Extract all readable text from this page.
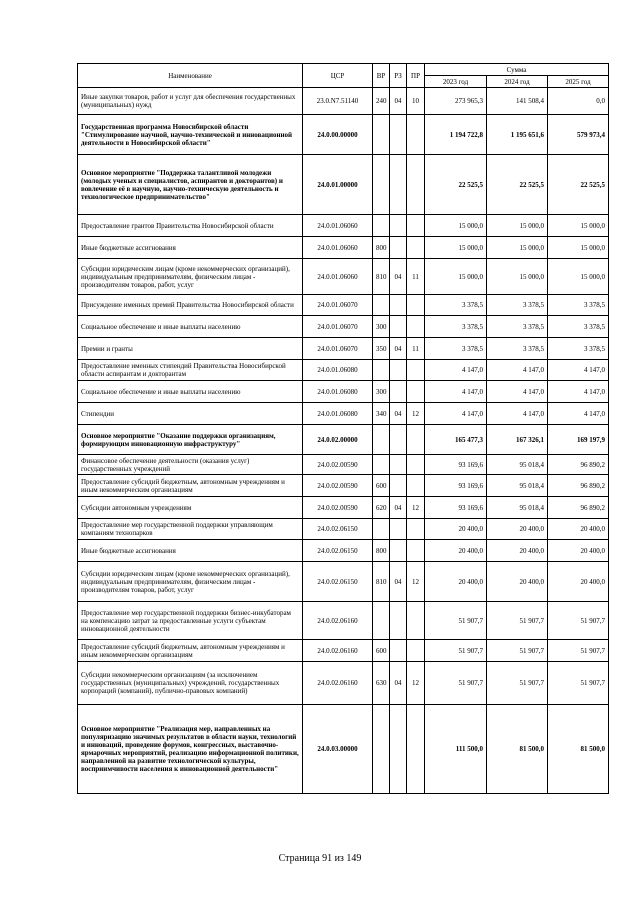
Наименование	ЦСР	ВР	РЗ	ПР	Сумма		
					2023 год	2024 год	2025 год
Иные закупки товаров, работ и услуг для обеспечения государственных (муниципальных) нужд	23.0.N7.51140	240	04	10	273 965,3	141 508,4	0,0
Государственная программа Новосибирской области "Стимулирование научной, научно-технической и инновационной деятельности в Новосибирской области"	24.0.00.00000				1 194 722,8	1 195 651,6	579 973,4
Основное мероприятие "Поддержка талантливой молодежи (молодых ученых и специалистов, аспирантов и докторантов) и вовлечение её в научную, научно-техническую деятельность и технологическое предпринимательство"	24.0.01.00000				22 525,5	22 525,5	22 525,5
Предоставление грантов Правительства Новосибирской области	24.0.01.06060				15 000,0	15 000,0	15 000,0
Иные бюджетные ассигнования	24.0.01.06060	800			15 000,0	15 000,0	15 000,0
Субсидии юридическим лицам (кроме некоммерческих организаций), индивидуальным предпринимателям, физическим лицам - производителям товаров, работ, услуг	24.0.01.06060	810	04	11	15 000,0	15 000,0	15 000,0
Присуждение именных премий Правительства Новосибирской области	24.0.01.06070				3 378,5	3 378,5	3 378,5
Социальное обеспечение и иные выплаты населению	24.0.01.06070	300			3 378,5	3 378,5	3 378,5
Премии и гранты	24.0.01.06070	350	04	11	3 378,5	3 378,5	3 378,5
Предоставление именных стипендий Правительства Новосибирской области аспирантам и докторантам	24.0.01.06080				4 147,0	4 147,0	4 147,0
Социальное обеспечение и иные выплаты населению	24.0.01.06080	300			4 147,0	4 147,0	4 147,0
Стипендии	24.0.01.06080	340	04	12	4 147,0	4 147,0	4 147,0
Основное мероприятие "Оказание поддержки организациям, формирующим инновационную инфраструктуру"	24.0.02.00000				165 477,3	167 326,1	169 197,9
Финансовое обеспечение деятельности (оказания услуг) государственных учреждений	24.0.02.00590				93 169,6	95 018,4	96 890,2
Предоставление субсидий бюджетным, автономным учреждениям и иным некоммерческим организациям	24.0.02.00590	600			93 169,6	95 018,4	96 890,2
Субсидии автономным учреждениям	24.0.02.00590	620	04	12	93 169,6	95 018,4	96 890,2
Предоставление мер государственной поддержки управляющим компаниям технопарков	24.0.02.06150				20 400,0	20 400,0	20 400,0
Иные бюджетные ассигнования	24.0.02.06150	800			20 400,0	20 400,0	20 400,0
Субсидии юридическим лицам (кроме некоммерческих организаций), индивидуальным предпринимателям, физическим лицам - производителям товаров, работ, услуг	24.0.02.06150	810	04	12	20 400,0	20 400,0	20 400,0
Предоставление мер государственной поддержки бизнес-инкубаторам на компенсацию затрат за предоставленные услуги субъектам инновационной деятельности	24.0.02.06160				51 907,7	51 907,7	51 907,7
Предоставление субсидий бюджетным, автономным учреждениям и иным некоммерческим организациям	24.0.02.06160	600			51 907,7	51 907,7	51 907,7
Субсидии некоммерческим организациям (за исключением государственных (муниципальных) учреждений, государственных корпораций (компаний), публично-правовых компаний)	24.0.02.06160	630	04	12	51 907,7	51 907,7	51 907,7
Основное мероприятие "Реализация мер, направленных на популяризацию значимых результатов в области науки, технологий и инноваций, проведение форумов, конгрессных, выставочно-ярмарочных мероприятий, реализацию информационной политики, направленной на развитие технологической культуры, восприимчивости населения к инновационной деятельности"	24.0.03.00000				111 500,0	81 500,0	81 500,0
Страница 91 из 149
